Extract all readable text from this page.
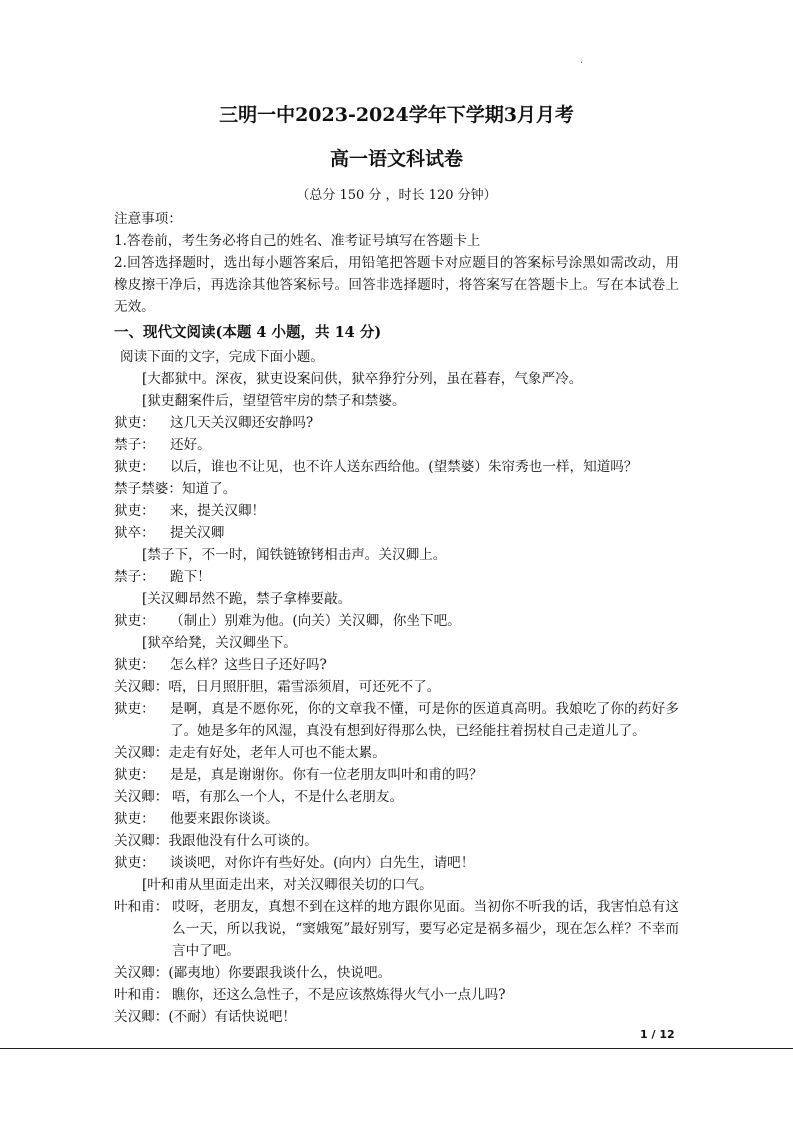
·
三明一中2023-2024学年下学期3月月考
高一语文科试卷
（总分 150 分 ，时长 120 分钟）
注意事项：
1.答卷前，考生务必将自己的姓名、准考证号填写在答题卡上
2.回答选择题时，选出每小题答案后，用铅笔把答题卡对应题目的答案标号涂黑如需改动，用橡皮擦干净后，再选涂其他答案标号。回答非选择题时，将答案写在答题卡上。写在本试卷上无效。
一、现代文阅读(本题 4 小题，共 14 分)
阅读下面的文字，完成下面小题。
[大都狱中。深夜，狱吏设案问供，狱卒狰狞分列，虽在暮春，气象严冷。
[狱吏翻案件后，望望管牢房的禁子和禁婆。
狱吏：	这几天关汉卿还安静吗?
禁子：	还好。
狱吏：	以后，谁也不让见，也不许人送东西给他。(望禁婆）朱帘秀也一样，知道吗？
禁子禁婆：知道了。
狱吏：	来，提关汉卿！
狱卒：	提关汉卿
[禁子下，不一时，闻铁链镣铐相击声。关汉卿上。
禁子：	跪下！
[关汉卿昂然不跪，禁子拿棒要敲。
狱吏：	（制止）别难为他。(向关）关汉卿，你坐下吧。
[狱卒给凳，关汉卿坐下。
狱吏：	怎么样？这些日子还好吗?
关汉卿：唔，日月照肝胆，霜雪添须眉，可还死不了。
狱吏：	是啊，真是不愿你死，你的文章我不懂，可是你的医道真高明。我娘吃了你的药好多了。她是多年的风湿，真没有想到好得那么快，已经能拄着拐杖自己走道儿了。
关汉卿：走走有好处，老年人可也不能太累。
狱吏：	是是，真是谢谢你。你有一位老朋友叫叶和甫的吗？
关汉卿： 唔，有那么一个人，不是什么老朋友。
狱吏：	他要来跟你谈谈。
关汉卿：我跟他没有什么可谈的。
狱吏：	谈谈吧，对你许有些好处。(向内）白先生，请吧！
[叶和甫从里面走出来，对关汉卿很关切的口气。
叶和甫： 哎呀，老朋友，真想不到在这样的地方跟你见面。当初你不听我的话，我害怕总有这么一天，所以我说，“窦娥冤”最好别写，要写必定是祸多福少，现在怎么样？不幸而言中了吧。
关汉卿：(鄙夷地）你要跟我谈什么，快说吧。
叶和甫： 瞧你，还这么急性子，不是应该熬炼得火气小一点儿吗?
关汉卿：(不耐）有话快说吧！
1 / 12
